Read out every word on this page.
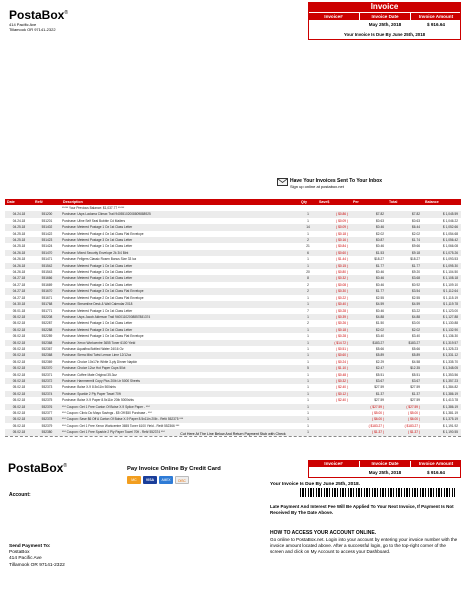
PostaBox®
414 Pacific Ave
Tillamook OR 97141-2322
Invoice
Invoice#	Invoice Date	Invoice Amount
May 25th, 2018	$ 916.64
Your Invoice Is Due By June 25th, 2018
Have Your Invoices Sent To Your Inbox
Sign up online at postabox.net
Date	Ref#	Description	Qty	Save$	Per	Total	Balance
		***** Your Previous Balance: $1,037.77 *****					
04.24.18	551200	Purchase: Usps Ladoma Climax Trail 94055102008809888925	1	( $0.86 )	$7.82	$7.82	$ 1,045.59
04.24.18	551201	Purchase: Uline Self Seal Bubble Cd Mailers	1	( $0.09 )	$0.63	$0.63	$ 1,046.22
04.25.18	551402	Purchase: Metered Postage 1 Oz 1st Class Letter	14	( $0.09 )	$0.46	$6.44	$ 1,052.66
04.25.18	551422	Purchase: Metered Postage 4 Oz 1st Class Flat Envelope	1	( $0.18 )	$2.02	$2.02	$ 1,054.68
04.25.18	551423	Purchase: Metered Postage 3 Oz 1st Class Letter	2	( $0.16 )	$0.87	$1.74	$ 1,056.42
04.25.18	551424	Purchase: Metered Postage 1 Oz 1st Class Letter	21	( $0.84 )	$0.46	$9.66	$ 1,066.08
04.26.18	551470	Purchase: Mixed Security Envelope 2k 3/4 Blnt	6	( $0.60 )	$1.53	$9.18	$ 1,075.26
04.26.18	551471	Purchase: Fellgers Classic Rosen Bonus Size 33 loz	1	( $1.44 )	$18.27	$18.27	$ 1,093.53
04.26.18	551542	Purchase: Metered Postage 1 Oz 1st Class Letter	1	( $0.15 )	$1.77	$1.77	$ 1,095.30
04.26.18	551543	Purchase: Metered Postage 1 Oz 1st Class Letter	20	( $0.80 )	$0.46	$9.20	$ 1,104.50
04.27.18	551666	Purchase: Metered Postage 1 Oz 1st Class Letter	8	( $0.32 )	$0.46	$3.68	$ 1,108.18
04.27.18	551669	Purchase: Metered Postage 1 Oz 1st Class Letter	2	( $0.08 )	$0.46	$0.92	$ 1,109.10
04.27.18	551670	Purchase: Metered Postage 3 Oz 1st Class Flat Envelope	2	( $0.30 )	$1.77	$3.54	$ 1,112.64
04.27.18	551671	Purchase: Metered Postage 2 Oz 1st Class Flat Envelope	1	( $0.22 )	$2.55	$2.55	$ 1,115.19
04.30.18	551768	Purchase: Streamline Desk & Wall Calendar 2018	1	( $0.40 )	$4.59	$4.59	$ 1,119.78
05.01.18	551771	Purchase: Metered Postage 1 Oz 1st Class Letter	7	( $0.28 )	$0.46	$3.22	$ 1,123.00
05.02.18	552208	Purchase: Usps Jacob Alderson Trail 94001102008857881374	1	( $0.39 )	$4.88	$4.88	$ 1,127.88
05.02.18	552287	Purchase: Metered Postage 1 Oz 1st Class Letter	2	( $0.26 )	$1.50	$3.00	$ 1,130.88
05.02.18	552288	Purchase: Metered Postage 3 Oz 1st Class Letter	1	( $0.18 )	$2.02	$2.02	$ 1,132.90
05.02.18	552289	Purchase: Metered Postage 1 Oz 1st Class Flat Envelope	1	( $0.28 )	$3.40	$3.40	$ 1,136.30
05.02.18	552368	Purchase: Xerox Workcentre 3655 Toner 6100 Yield	1	( $14.72 )	$183.27	$183.27	$ 1,319.57
05.02.18	552367	Purchase: Aquafina Bottled Water 24/16 Oz	1	( $0.51 )	$5.66	$5.66	$ 1,325.23
05.02.18	552368	Purchase: Sierra Mist Twist Lemon Lime 12/12oz	1	( $0.60 )	$5.89	$5.89	$ 1,331.12
05.02.18	552369	Purchase: Choice 10x17in White 3-ply Dinner Napkin	1	( $0.24 )	$2.29	$4.58	$ 1,335.70
05.02.18	552370	Purchase: Choice 12oz Hot Paper Cups 50ct	5	( $1.10 )	$2.47	$12.35	$ 1,348.05
05.02.18	552371	Purchase: Coffee Mate Original 35.3oz	1	( $0.48 )	$5.51	$5.51	$ 1,353.56
05.02.18	552372	Purchase: Hammermill Copy Plus 20lb Ltr 5000 Sheets	1	( $0.32 )	$3.67	$3.67	$ 1,357.23
05.02.18	552373	Purchase: Boise X-9 8.5x11in 500shts	1	( $2.40 )	$27.59	$27.59	$ 1,384.82
05.02.18	552374	Purchase: Sparkle 2 Ply Paper Towel 70ft	1	( $0.12 )	$1.37	$1.37	$ 1,386.19
05.02.18	552375	Purchase: Boise X-9 Paper 8.5x11in 20lb 5000shts	1	( $2.40 )	$27.59	$27.59	$ 1,413.78
05.02.18	552376	*** Coupon: Get 1 Free Carton Of Boise X-9 Splice Paper - ***	1		( $27.59 )	( $27.59 )	$ 1,386.19
05.02.18	552377	*** Coupon: Clinic Do Mayo Savings - $5 Off $50 Purchase - ***	1		( $5.00 )	( $5.00 )	$ 1,381.19
05.02.18	552378	*** Coupon: Save $6 Off A Carton Of Boise X-9 Paper 8.5x11in 20lb - Ref# 552375 ***	1		( $6.00 )	( $6.00 )	$ 1,375.19
05.02.18	552379	*** Coupon: Get 1 Free Xerox Workcentre 3655 Toner 6100 Yield - Ref# 552366 ***	1		( $183.27 )	( $183.27 )	$ 1,191.92
05.02.18	552380	*** Coupon: Get 1 Free Sparkle 2 Ply Paper Towel 70ft - Ref# 552374 ***	1		( $1.37 )	( $1.37 )	$ 1,190.55
Cut Here At The Line Below And Return Payment Stub with Check
PostaBox®	Pay Invoice Online By Credit Card
MC	VISA	AMEX	DISC
Account:
Invoice#	Invoice Date	Invoice Amount
May 25th, 2018	$ 916.64
Your Invoice Is Due By June 25th, 2018.
Late Payment And Interest Fee Will Be Applied To Your Next Invoice, If Payment Is Not Received By The Date Above.
HOW TO ACCESS YOUR ACCOUNT ONLINE.
Go online to PostaBox.net. Login into your account by entering your invoice number with the invoice amount located above. After a successful login, go to the top-right corner of the screen and click on My Account to access your Dashboard.
Send Payment To:
PostaBox
414 Pacific Ave
Tillamook OR 97141-2322
